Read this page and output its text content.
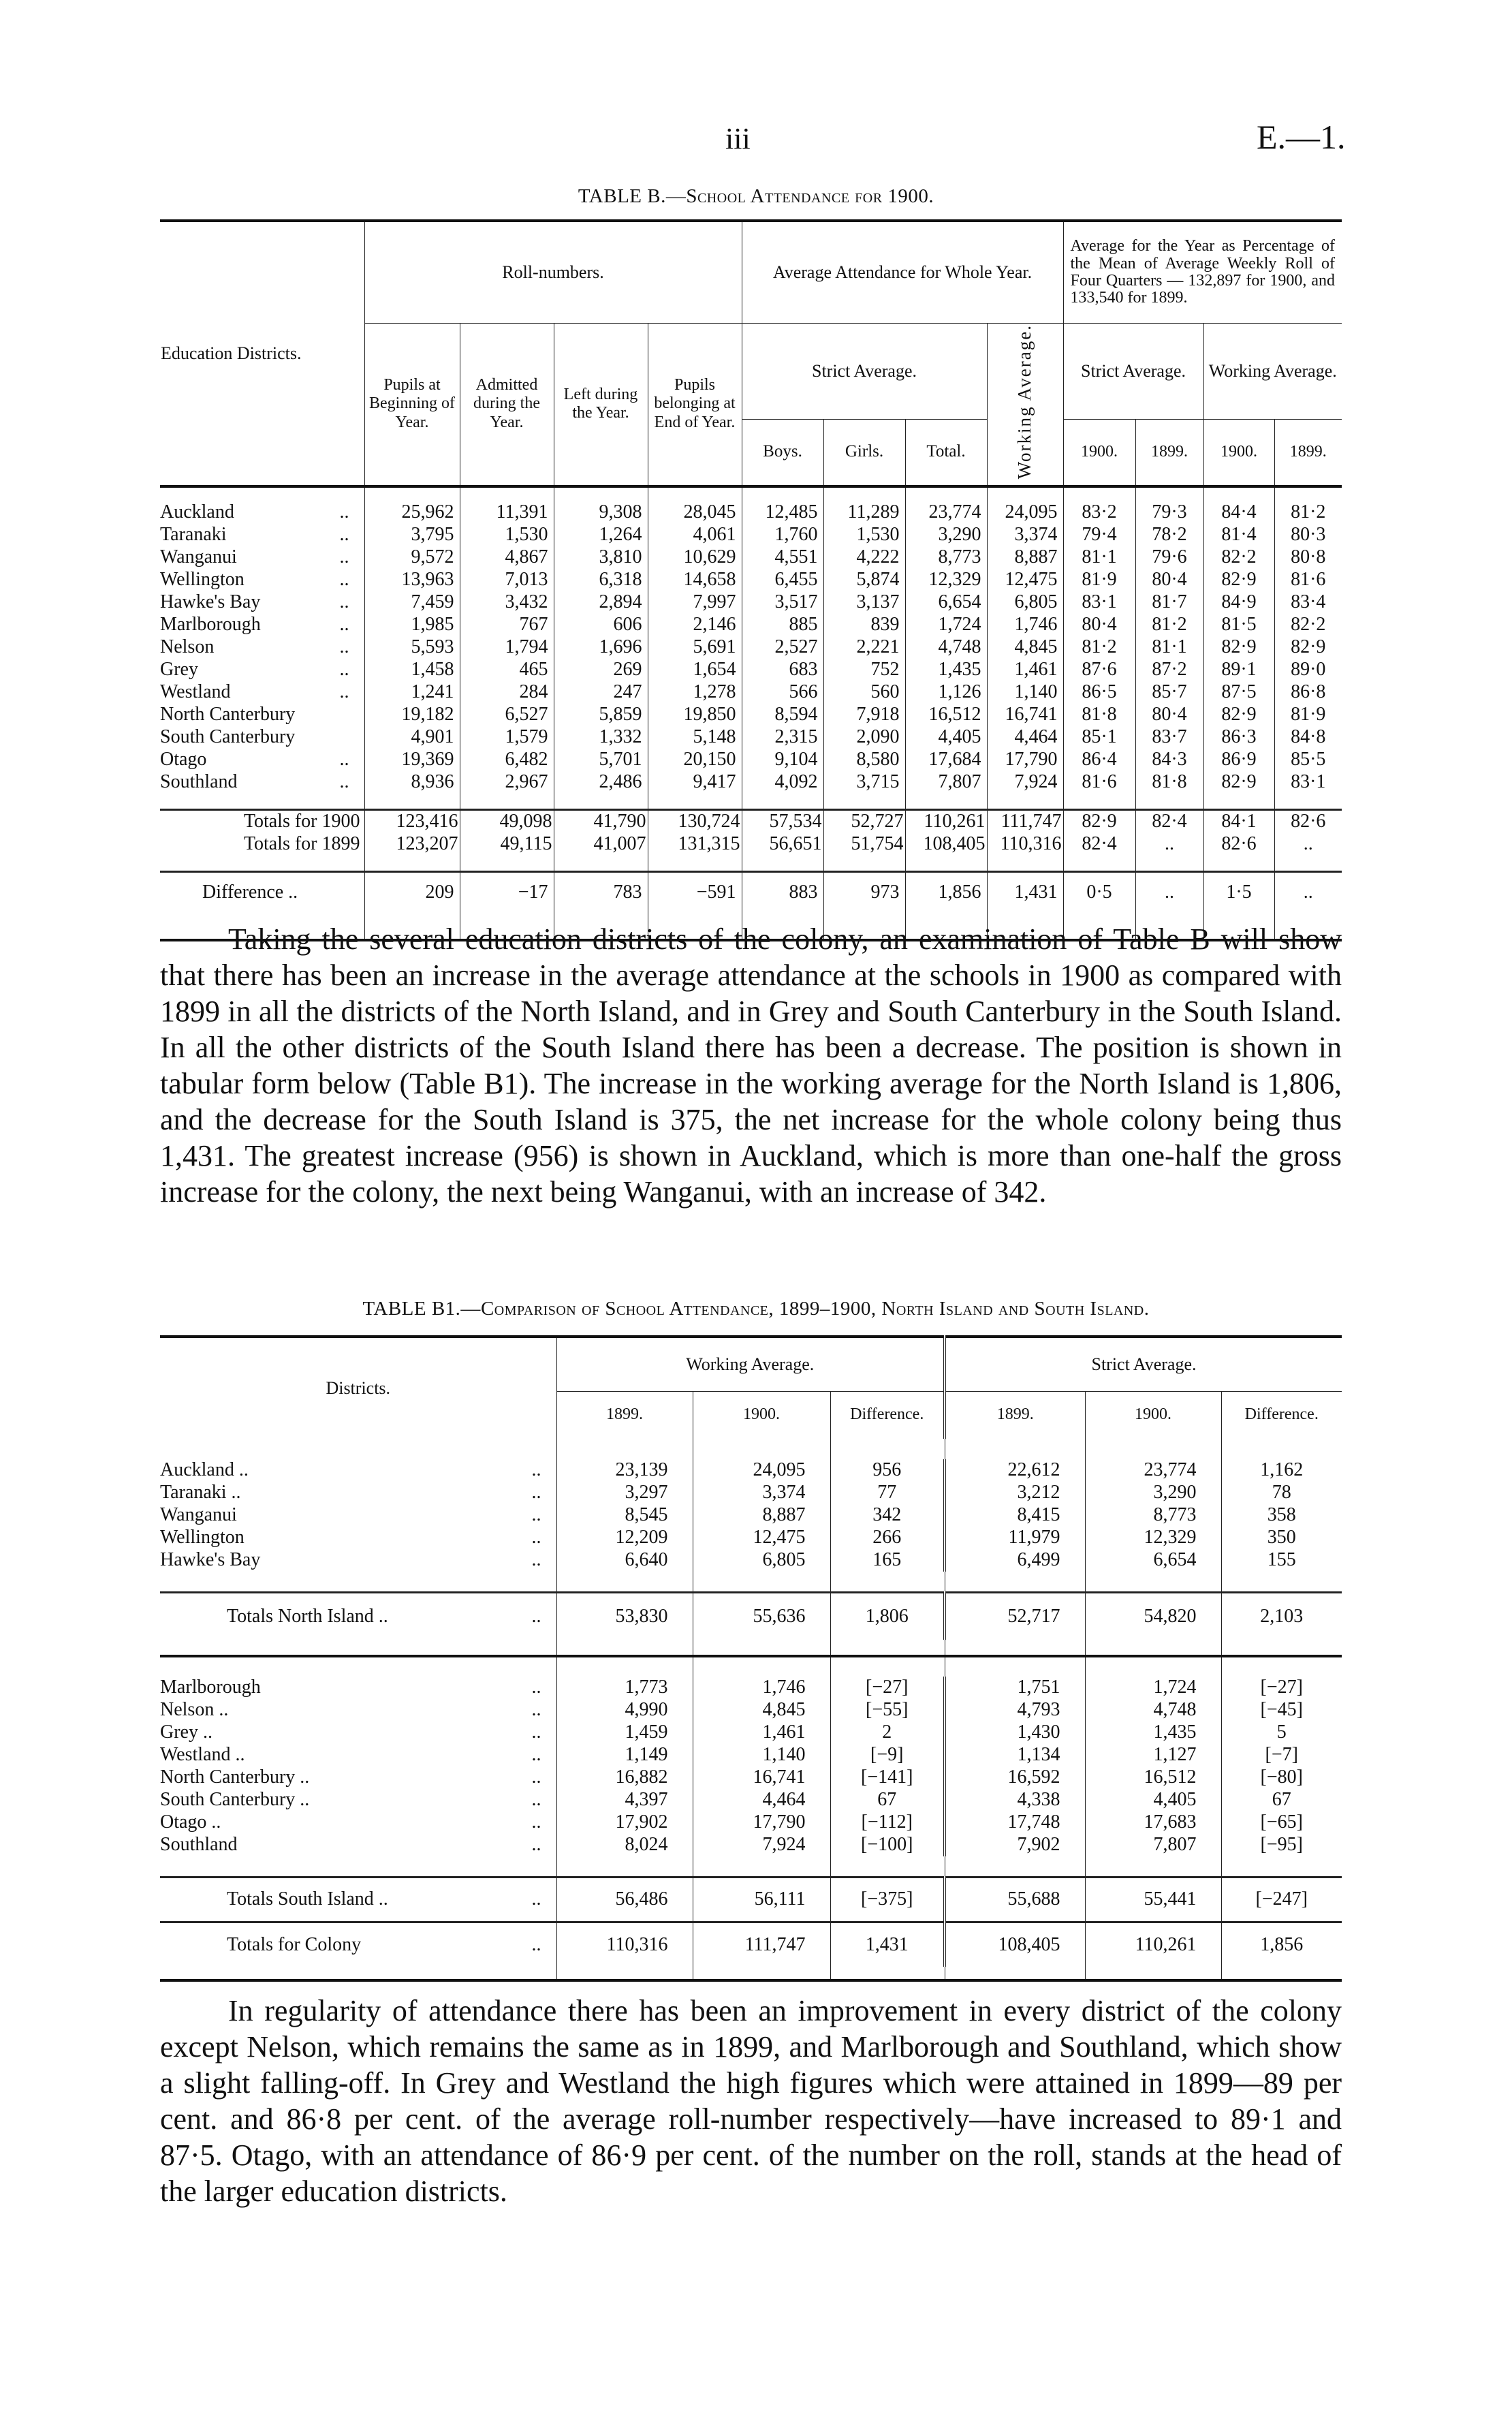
iii	E.—1.
TABLE B.—School Attendance for 1900.
Education Districts.	Roll-numbers.				Average Attendance for Whole Year.				Average for the Year as Percentage of the Mean of Average Weekly Roll of Four Quarters — 132,897 for 1900, and 133,540 for 1899.			
	Pupils at Beginning of Year.	Admitted during the Year.	Left during the Year.	Pupils belonging at End of Year.	Strict Average.			Working Average.	Strict Average.		Working Average.	
					Boys.	Girls.	Total.		1900.	1899.	1900.	1899.

Auckland ..	25,962	11,391	9,308	28,045	12,485	11,289	23,774	24,095	83·2	79·3	84·4	81·2
Taranaki ..	3,795	1,530	1,264	4,061	1,760	1,530	3,290	3,374	79·4	78·2	81·4	80·3
Wanganui ..	9,572	4,867	3,810	10,629	4,551	4,222	8,773	8,887	81·1	79·6	82·2	80·8
Wellington ..	13,963	7,013	6,318	14,658	6,455	5,874	12,329	12,475	81·9	80·4	82·9	81·6
Hawke's Bay ..	7,459	3,432	2,894	7,997	3,517	3,137	6,654	6,805	83·1	81·7	84·9	83·4
Marlborough ..	1,985	767	606	2,146	885	839	1,724	1,746	80·4	81·2	81·5	82·2
Nelson ..	5,593	1,794	1,696	5,691	2,527	2,221	4,748	4,845	81·2	81·1	82·9	82·9
Grey ..	1,458	465	269	1,654	683	752	1,435	1,461	87·6	87·2	89·1	89·0
Westland ..	1,241	284	247	1,278	566	560	1,126	1,140	86·5	85·7	87·5	86·8
North Canterbury	19,182	6,527	5,859	19,850	8,594	7,918	16,512	16,741	81·8	80·4	82·9	81·9
South Canterbury	4,901	1,579	1,332	5,148	2,315	2,090	4,405	4,464	85·1	83·7	86·3	84·8
Otago ..	19,369	6,482	5,701	20,150	9,104	8,580	17,684	17,790	86·4	84·3	86·9	85·5
Southland ..	8,936	2,967	2,486	9,417	4,092	3,715	7,807	7,924	81·6	81·8	82·9	83·1

Totals for 1900	123,416	49,098	41,790	130,724	57,534	52,727	110,261	111,747	82·9	82·4	84·1	82·6
Totals for 1899	123,207	49,115	41,007	131,315	56,651	51,754	108,405	110,316	82·4	..	82·6	..

Difference ..	209	−17	783	−591	883	973	1,856	1,431	0·5	..	1·5	..

Taking the several education districts of the colony, an examination of Table B will show that there has been an increase in the average attendance at the schools in 1900 as compared with 1899 in all the districts of the North Island, and in Grey and South Canterbury in the South Island. In all the other districts of the South Island there has been a decrease. The position is shown in tabular form below (Table B1). The increase in the working average for the North Island is 1,806, and the decrease for the South Island is 375, the net increase for the whole colony being thus 1,431. The greatest increase (956) is shown in Auckland, which is more than one-half the gross increase for the colony, the next being Wanganui, with an increase of 342.

TABLE B1.—Comparison of School Attendance, 1899–1900, North Island and South Island.
Districts.	Working Average.			Strict Average.		
	1899.	1900.	Difference.	1899.	1900.	Difference.

Auckland .. ..	23,139	24,095	956	22,612	23,774	1,162
Taranaki .. ..	3,297	3,374	77	3,212	3,290	78
Wanganui ..	8,545	8,887	342	8,415	8,773	358
Wellington ..	12,209	12,475	266	11,979	12,329	350
Hawke's Bay ..	6,640	6,805	165	6,499	6,654	155

Totals North Island .. ..	53,830	55,636	1,806	52,717	54,820	2,103

Marlborough ..	1,773	1,746	[−27]	1,751	1,724	[−27]
Nelson .. ..	4,990	4,845	[−55]	4,793	4,748	[−45]
Grey .. ..	1,459	1,461	2	1,430	1,435	5
Westland .. ..	1,149	1,140	[−9]	1,134	1,127	[−7]
North Canterbury .. ..	16,882	16,741	[−141]	16,592	16,512	[−80]
South Canterbury .. ..	4,397	4,464	67	4,338	4,405	67
Otago .. ..	17,902	17,790	[−112]	17,748	17,683	[−65]
Southland ..	8,024	7,924	[−100]	7,902	7,807	[−95]

Totals South Island .. ..	56,486	56,111	[−375]	55,688	55,441	[−247]
Totals for Colony ..	110,316	111,747	1,431	108,405	110,261	1,856

In regularity of attendance there has been an improvement in every district of the colony except Nelson, which remains the same as in 1899, and Marlborough and Southland, which show a slight falling-off. In Grey and Westland the high figures which were attained in 1899—89 per cent. and 86·8 per cent. of the average roll-number respectively—have increased to 89·1 and 87·5. Otago, with an attendance of 86·9 per cent. of the number on the roll, stands at the head of the larger education districts.
